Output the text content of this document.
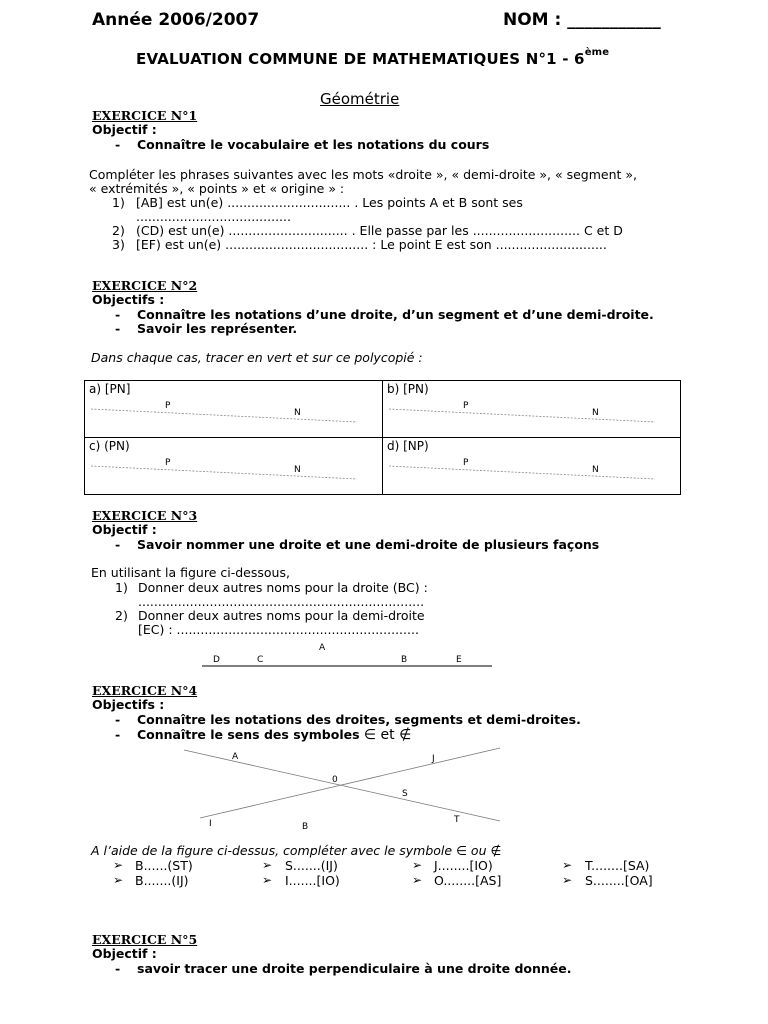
Année 2006/2007	NOM : ___________
EVALUATION COMMUNE DE MATHEMATIQUES N°1 - 6ème
Géométrie
EXERCICE N°1
Objectif :
- Connaître le vocabulaire et les notations du cours
Compléter les phrases suivantes avec les mots «droite », « demi-droite », « segment »,
« extrémités », « points » et « origine » :
1) [AB] est un(e) ............................... . Les points A et B sont ses
.......................................
2) (CD) est un(e) .............................. . Elle passe par les ........................... C et D
3) [EF) est un(e) .................................... : Le point E est son ............................
EXERCICE N°2
Objectifs :
- Connaître les notations d’une droite, d’un segment et d’une demi-droite.
- Savoir les représenter.
Dans chaque cas, tracer en vert et sur ce polycopié :
a) [PN]
P
N	b) [PN)
P
N

c) (PN)
P
N	d) [NP)
P
N
EXERCICE N°3
Objectif :
- Savoir nommer une droite et une demi-droite de plusieurs façons
En utilisant la figure ci-dessous,
1) Donner deux autres noms pour la droite (BC) :
........................................................................
2) Donner deux autres noms pour la demi-droite
[EC) : .............................................................
A
D	C	B	E
EXERCICE N°4
Objectifs :
- Connaître les notations des droites, segments et demi-droites.
- Connaître le sens des symboles ∈ et ∉
A	J
0
S
I	B
T
A l’aide de la figure ci-dessus, compléter avec le symbole ∈ ou ∉
➢ B......(ST)	➢ S.......(IJ)	➢ J........[IO)	➢ T........[SA)
➢ B.......(IJ)	➢ I.......[IO)	➢ O........[AS]	➢ S........[OA]
EXERCICE N°5
Objectif :
- savoir tracer une droite perpendiculaire à une droite donnée.
